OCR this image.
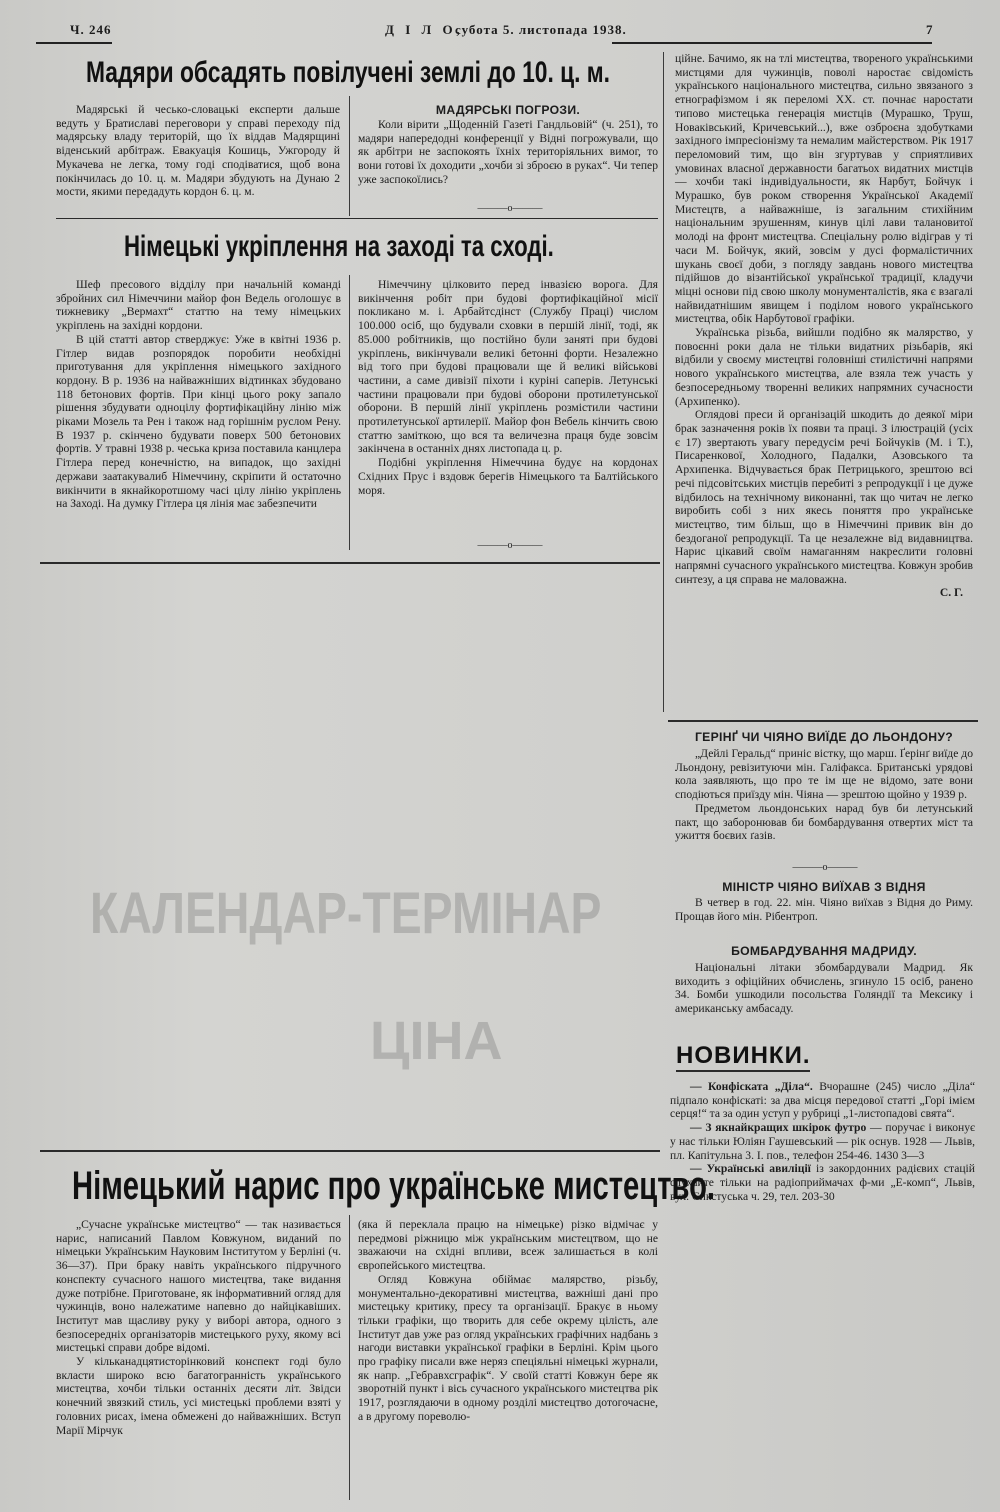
Ч. 246	Д І Л О,
субота 5. листопада 1938.	7
Мадяри обсадять повілучені землі до 10. ц. м.

Мадярські й чесько-словацькі експерти дальше ведуть у Братиславі переговори у справі переходу під мадярську владу територій, що їх віддав Мадярщині віденський арбітраж. Евакуація Кошиць, Ужгороду й Мукачева не легка, тому годі сподіватися, щоб вона покінчилась до 10. ц. м. Мадяри збудують на Дунаю 2 мости, якими передадуть кордон 6. ц. м.

МАДЯРСЬКІ ПОГРОЗИ.

Коли вірити „Щоденній Газеті Гандльовій“ (ч. 251), то мадяри напередодні конференції у Відні погрожували, що як арбітри не заспокоять їхніх територіяльних вимог, то вони готові їх доходити „хочби зі зброєю в руках“. Чи тепер уже заспокоїлись?

———o———
Німецькі укріплення на заході та сході.

Шеф пресового відділу при начальній команді збройних сил Німеччини майор фон Ведель оголошує в тижневику „Вермахт“ статтю на тему німецьких укріплень на західні кордони.

В цій статті автор стверджує: Уже в квітні 1936 р. Гітлер видав розпорядок поробити необхідні приготування для укріплення німецького західного кордону. В р. 1936 на найважніших відтинках збудовано 118 бетонових фортів. При кінці цього року запало рішення збудувати одноцілу фортифікаційну лінію між ріками Мозель та Рен і також над горішнім руслом Рену. В 1937 р. скінчено будувати поверх 500 бетонових фортів. У травні 1938 р. чеська криза поставила канцлера Гітлера перед конечністю, на випадок, що західні держави заатакувалиб Німеччину, скріпити й остаточно викінчити в якнайкоротшому часі цілу лінію укріплень на Заході. На думку Гітлера ця лінія має забезпечити

Німеччину цілковито перед інвазією ворога. Для викінчення робіт при будові фортифікаційної місії покликано м. і. Арбайтсдінст (Службу Праці) числом 100.000 осіб, що будували сховки в першій лінії, тоді, як 85.000 робітників, що постійно були заняті при будові укріплень, викінчували великі бетонні форти. Незалежно від того при будові працювали ще й великі військові частини, а саме дивізії піхоти і куріні саперів. Летунські частини працювали при будові оборони протилетунської оборони. В першій лінії укріплень розмістили частини протилетунської артилерії. Майор фон Вебель кінчить свою статтю заміткою, що вся та величезна праця буде зовсім закінчена в останніх днях листопада ц. р.

Подібні укріплення Німеччина будує на кордонах Східних Прус і вздовж берегів Німецького та Балтійського моря.

———o———
КАЛЕНДАР-ТЕРМІНАР
ЦІНА

ційне. Бачимо, як на тлі мистецтва, твореного українськими мистцями для чужинців, поволі наростає свідомість українського національного мистецтва, сильно звязаного з етнографізмом і як переломі XX. ст. почнає наростати типово мистецька генерація мистців (Мурашко, Труш, Новаківський, Кричевський...), вже озброєна здобутками західного імпресіонізму та немалим майстерством. Рік 1917 переломовий тим, що він згуртував у сприятливих умовинах власної державности багатьох видатних мистців — хочби такі індивідуальности, як Нарбут, Бойчук і Мурашко, був роком створення Української Академії Мистецтв, а найважніше, із загальним стихійним національним зрушенням, кинув цілі лави талановитої молоді на фронт мистецтва. Спеціальну ролю відіграв у ті часи М. Бойчук, який, зовсім у дусі формалістичних шукань своєї доби, з погляду завдань нового мистецтва підійшов до візантійської української традиції, кладучи міцні основи під свою школу монументалістів, яка є взагалі найвидатнішим явищем і поділом нового українського мистецтва, обік Нарбутової графіки.

Українська різьба, вийшли подібно як малярство, у повоєнні роки дала не тільки видатних різьбарів, які відбили у своєму мистецтві головніші стилістичні напрями нового українського мистецтва, але взяла теж участь у безпосередньому творенні великих напрямних сучасности (Архипенко).

Оглядові преси й організацій шкодить до деякої міри брак зазначення років їх появи та праці. З ілюстрацій (усіх є 17) звертають увагу передусім речі Бойчуків (М. і Т.), Писаренкової, Холодного, Падалки, Азовського та Архипенка. Відчувається брак Петрицького, зрештою всі речі підсовітських мистців перебиті з репродукції і це дуже відбилось на технічному виконанні, так що читач не легко виробить собі з них якесь поняття про українське мистецтво, тим більш, що в Німеччині привик він до бездоганої репродукції. Та це незалежне від видавництва. Нарис цікавий своїм намаганням накреслити головні напрямні сучасного українського мистецтва. Ковжун зробив синтезу, а ця справа не маловажна.

С. Г.
ГЕРІНҐ ЧИ ЧІЯНО ВИЇДЕ ДО ЛЬОНДОНУ?

„Дейлі Геральд“ приніс вістку, що марш. Ґерінґ виїде до Льондону, ревізитуючи мін. Галіфакса. Британські урядові кола заявляють, що про те ім ще не відомо, зате вони сподіються приїзду мін. Чіяна — зрештою щойно у 1939 р.

Предметом льондонських нарад був би летунський пакт, що заборонював би бомбардування отвертих міст та ужиття боєвих ґазів.

———o———
МІНІСТР ЧІЯНО ВИЇХАВ З ВІДНЯ

В четвер в год. 22. мін. Чіяно виїхав з Відня до Риму. Прощав його мін. Рібентроп.

БОМБАРДУВАННЯ МАДРИДУ.

Національні літаки збомбардували Мадрид. Як виходить з офіційних обчислень, згинуло 15 осіб, ранено 34. Бомби ушкодили посольства Голяндії та Мексику і американську амбасаду.

НОВИНКИ.

— Конфіската „Діла“. Вчорашне (245) число „Діла“ підпало конфіскаті: за два місця передової статті „Горі імієм серця!“ та за один уступ у рубриці „1-листопадові свята“.

— З якнайкращих шкірок футро — поручає і виконує у нас тільки Юліян Гаушевський — рік оснув. 1928 — Львів, пл. Капітульна 3. І. пов., телефон 254-46. 1430 3—3

— Українські авиліції із закордонних радієвих стацій слухайте тільки на радіоприймачах ф-ми „Е-комп“, Львів, вул. Сикстуська ч. 29, тел. 203-30

Німецький нарис про українське мистецтво.

„Сучасне українське мистецтво“ — так називається нарис, написаний Павлом Ковжуном, виданий по німецьки Українським Науковим Інститутом у Берліні (ч. 36—37). При браку навіть українського підручного конспекту сучасного нашого мистецтва, таке видання дуже потрібне. Приготоване, як інформативний огляд для чужинців, воно належатиме напевно до найцікавіших. Інститут мав щасливу руку у виборі автора, одного з безпосередніх організаторів мистецького руху, якому всі мистецькі справи добре відомі.

У кільканадцятисторінковий конспект годі було вкласти широко всю багатогранність українського мистецтва, хочби тільки останніх десяти літ. Звідси конечний звязкий стиль, усі мистецькі проблеми взяті у головних рисах, імена обмежені до найважніших. Вступ Марії Мірчук

(яка й переклала працю на німецьке) різко відмічає у передмові ріжницю між українським мистецтвом, що не зважаючи на східні впливи, всеж залишається в колі європейського мистецтва.

Огляд Ковжуна обіймає малярство, різьбу, монументально-декоративні мистецтва, важніші дані про мистецьку критику, пресу та організації. Бракує в ньому тільки графіки, що творить для себе окрему цілість, але Інститут дав уже раз огляд українських графічних надбань з нагоди виставки української графіки в Берліні. Крім цього про графіку писали вже неряз спеціяльні німецькі журнали, як напр. „Гебравхсграфік“. У своїй статті Ковжун бере як зворотній пункт і вісь сучасного українського мистецтва рік 1917, розглядаючи в одному розділі мистецтво дотогочасне, а в другому пореволю-
